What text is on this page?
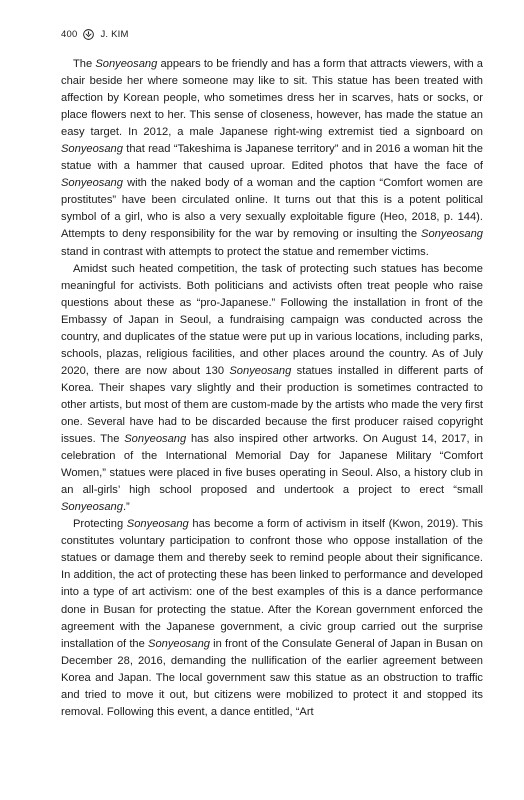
400 J. KIM

The Sonyeosang appears to be friendly and has a form that attracts viewers, with a chair beside her where someone may like to sit. This statue has been treated with affection by Korean people, who sometimes dress her in scarves, hats or socks, or place flowers next to her. This sense of closeness, however, has made the statue an easy target. In 2012, a male Japanese right-wing extremist tied a signboard on Sonyeosang that read “Takeshima is Japanese territory” and in 2016 a woman hit the statue with a hammer that caused uproar. Edited photos that have the face of Sonyeosang with the naked body of a woman and the caption “Comfort women are prostitutes” have been circulated online. It turns out that this is a potent political symbol of a girl, who is also a very sexually exploitable figure (Heo, 2018, p. 144). Attempts to deny responsibility for the war by removing or insulting the Sonyeosang stand in contrast with attempts to protect the statue and remember victims.

Amidst such heated competition, the task of protecting such statues has become meaningful for activists. Both politicians and activists often treat people who raise questions about these as “pro-Japanese.” Following the installation in front of the Embassy of Japan in Seoul, a fundraising campaign was conducted across the country, and duplicates of the statue were put up in various locations, including parks, schools, plazas, religious facilities, and other places around the country. As of July 2020, there are now about 130 Sonyeosang statues installed in different parts of Korea. Their shapes vary slightly and their production is sometimes contracted to other artists, but most of them are custom-made by the artists who made the very first one. Several have had to be discarded because the first producer raised copyright issues. The Sonyeosang has also inspired other artworks. On August 14, 2017, in celebration of the International Memorial Day for Japanese Military “Comfort Women,” statues were placed in five buses operating in Seoul. Also, a history club in an all-girls’ high school proposed and undertook a project to erect “small Sonyeosang.”

Protecting Sonyeosang has become a form of activism in itself (Kwon, 2019). This constitutes voluntary participation to confront those who oppose installation of the statues or damage them and thereby seek to remind people about their significance. In addition, the act of protecting these has been linked to performance and developed into a type of art activism: one of the best examples of this is a dance performance done in Busan for protecting the statue. After the Korean government enforced the agreement with the Japanese government, a civic group carried out the surprise installation of the Sonyeosang in front of the Consulate General of Japan in Busan on December 28, 2016, demanding the nullification of the earlier agreement between Korea and Japan. The local government saw this statue as an obstruction to traffic and tried to move it out, but citizens were mobilized to protect it and stopped its removal. Following this event, a dance entitled, “Art
